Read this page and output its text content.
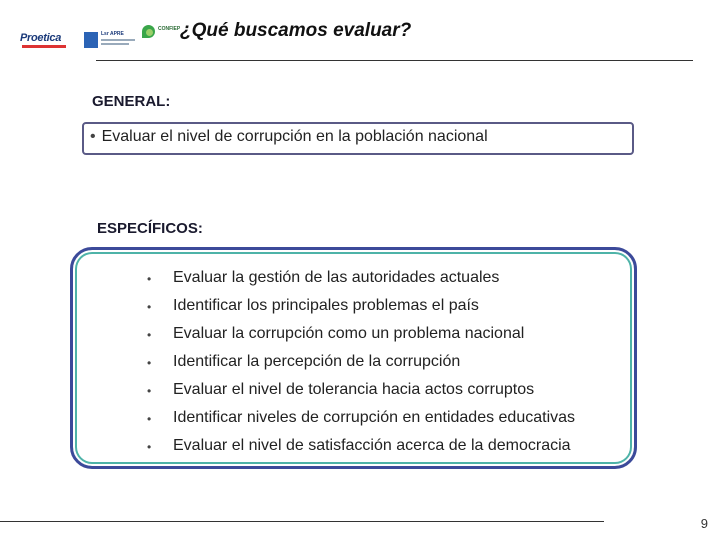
Proetica	Lsr APRE
CONFIEP ¿Qué buscamos evaluar?
GENERAL:
• Evaluar el nivel de corrupción en la población nacional
ESPECÍFICOS:
• Evaluar la gestión de las autoridades actuales
• Identificar los principales problemas el país
• Evaluar la corrupción como un problema nacional
• Identificar la percepción de la corrupción
• Evaluar el nivel de tolerancia hacia actos corruptos
• Identificar niveles de corrupción en entidades educativas
• Evaluar el nivel de satisfacción acerca de la democracia
9
